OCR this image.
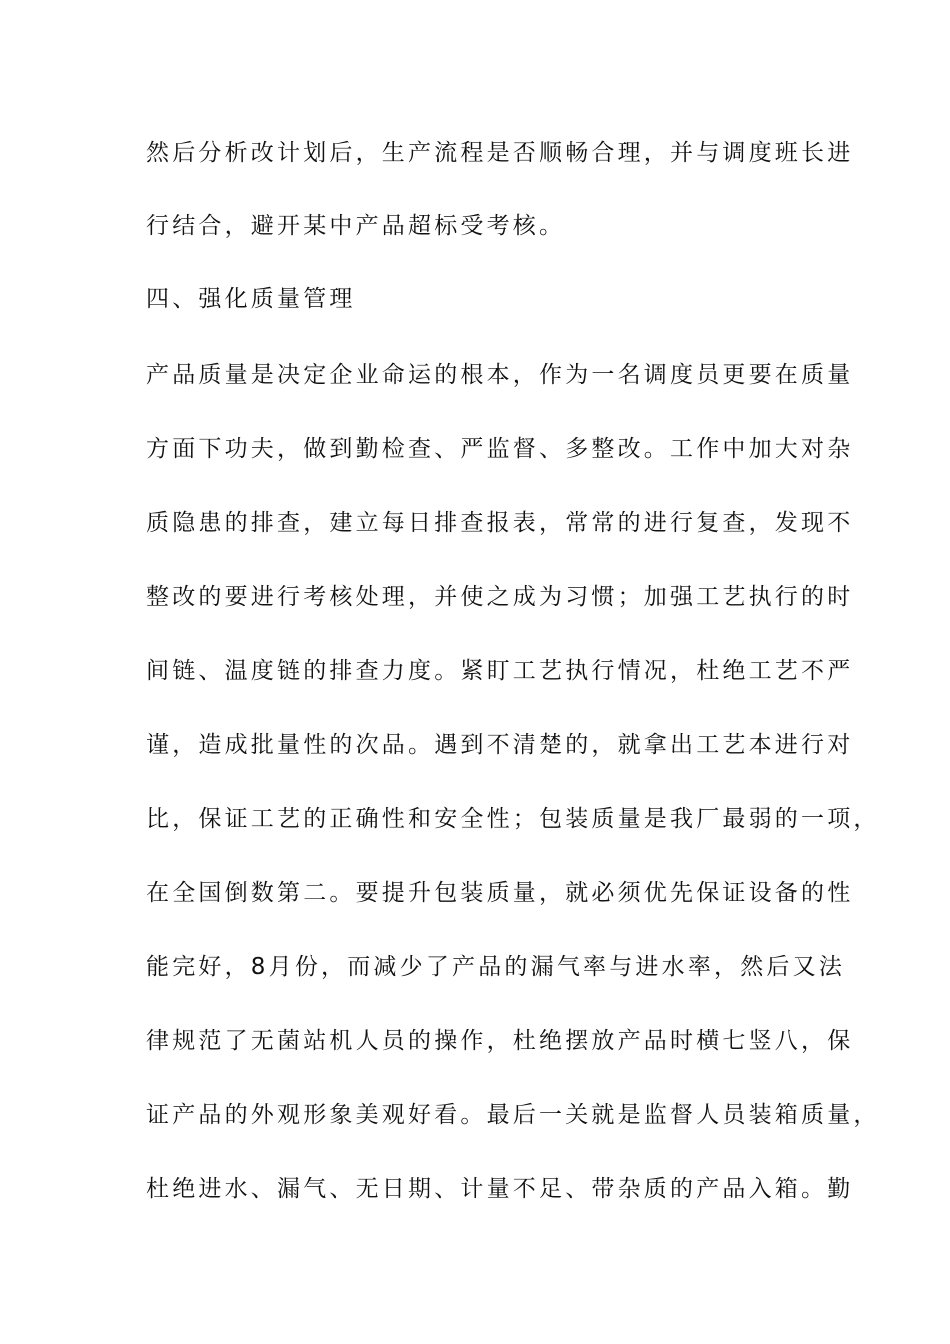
然后分析改计划后，生产流程是否顺畅合理，并与调度班长进
行结合，避开某中产品超标受考核。
四、强化质量管理
产品质量是决定企业命运的根本，作为一名调度员更要在质量
方面下功夫，做到勤检查、严监督、多整改。工作中加大对杂
质隐患的排查，建立每日排查报表，常常的进行复查，发现不
整改的要进行考核处理，并使之成为习惯；加强工艺执行的时
间链、温度链的排查力度。紧盯工艺执行情况，杜绝工艺不严
谨，造成批量性的次品。遇到不清楚的，就拿出工艺本进行对
比，保证工艺的正确性和安全性；包装质量是我厂最弱的一项，
在全国倒数第二。要提升包装质量，就必须优先保证设备的性
能完好，8月份，而减少了产品的漏气率与进水率，然后又法
律规范了无菌站机人员的操作，杜绝摆放产品时横七竖八，保
证产品的外观形象美观好看。最后一关就是监督人员装箱质量，
杜绝进水、漏气、无日期、计量不足、带杂质的产品入箱。勤
